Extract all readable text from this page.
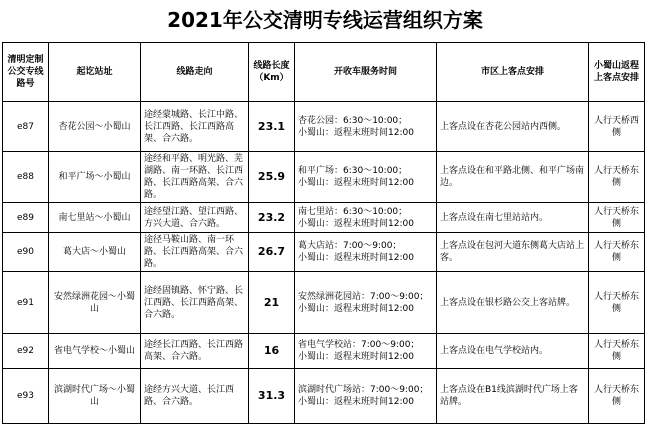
2021年公交清明专线运营组织方案
清明定制公交专线路号	起讫站址	线路走向	线路长度（Km）	开收车服务时间	市区上客点安排	小蜀山返程上客点安排
e87	杏花公园～小蜀山	途经蒙城路、长江中路、长江西路、长江西路高架、合六路。	23.1	杏花公园：6:30～10:00；
小蜀山：返程末班时间12:00	上客点设在杏花公园站内西侧。	人行天桥西侧
e88	和平广场～小蜀山	途经和平路、明光路、芜湖路、南一环路、长江西路、长江西路高架、合六路。	25.9	和平广场：6:30～10:00；
小蜀山：返程末班时间12:00	上客点设在和平路北侧、和平广场南边。	人行天桥东侧
e89	南七里站～小蜀山	途经望江路、望江西路、方兴大道、合六路。	23.2	南七里站：6:30～10:00；
小蜀山：返程末班时间12:00	上客点设在南七里站站内。	人行天桥东侧
e90	葛大店～小蜀山	途径马鞍山路、南一环路、长江西路高架、合六路。	26.7	葛大店站：7:00～9:00；
小蜀山：返程末班时间12:00	上客点设在包河大道东侧葛大店站上客。	人行天桥东侧
e91	安然绿洲花园～小蜀山	途经固镇路、怀宁路、长江西路、长江西路高架、合六路。	21	安然绿洲花园站：7:00～9:00；
小蜀山：返程末班时间12:00	上客点设在银杉路公交上客站牌。	人行天桥东侧
e92	省电气学校～小蜀山	途经长江西路、长江西路高架、合六路。	16	省电气学校站：7:00～9:00；
小蜀山：返程末班时间12:00	上客点设在电气学校站内。	人行天桥东侧
e93	滨湖时代广场～小蜀山	途经方兴大道、长江西路、合六路。	31.3	滨湖时代广场站：7:00～9:00；
小蜀山：返程末班时间12:00	上客点设在B1线滨湖时代广场上客站牌。	人行天桥东侧
